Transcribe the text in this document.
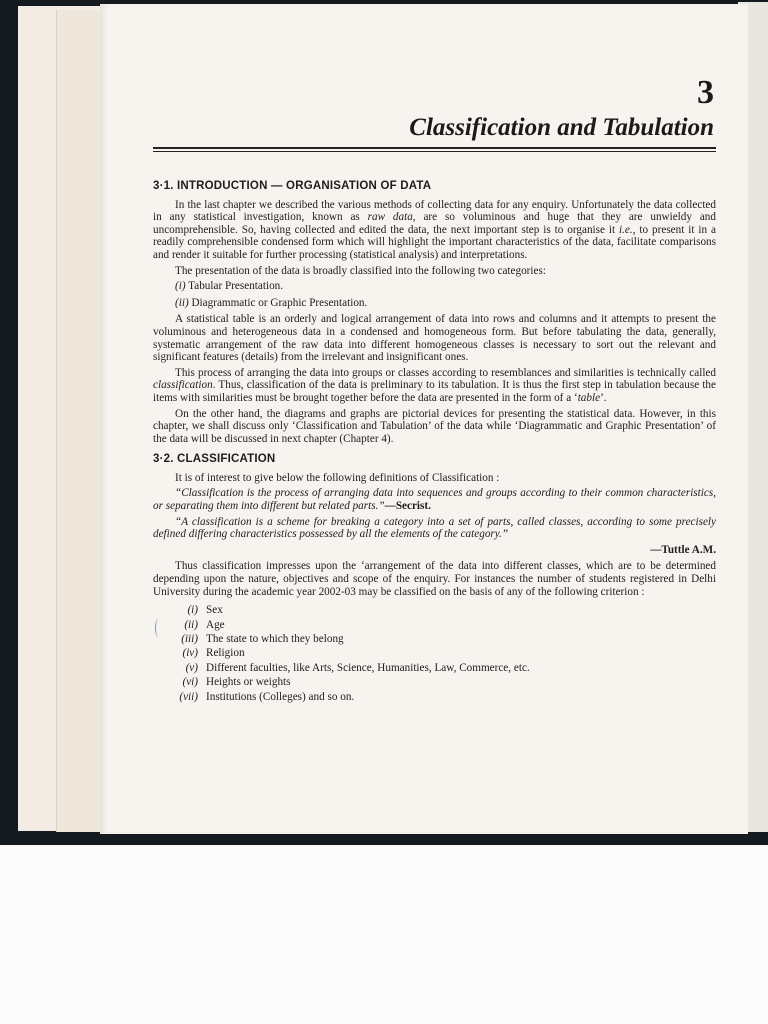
3
Classification and Tabulation
3·1. INTRODUCTION — ORGANISATION OF DATA

In the last chapter we described the various methods of collecting data for any enquiry. Unfortunately the data collected in any statistical investigation, known as raw data, are so voluminous and huge that they are unwieldy and uncomprehensible. So, having collected and edited the data, the next important step is to organise it i.e., to present it in a readily comprehensible condensed form which will highlight the important characteristics of the data, facilitate comparisons and render it suitable for further processing (statistical analysis) and interpretations.

The presentation of the data is broadly classified into the following two categories:

(i) Tabular Presentation.
(ii) Diagrammatic or Graphic Presentation.

A statistical table is an orderly and logical arrangement of data into rows and columns and it attempts to present the voluminous and heterogeneous data in a condensed and homogeneous form. But before tabulating the data, generally, systematic arrangement of the raw data into different homogeneous classes is necessary to sort out the relevant and significant features (details) from the irrelevant and insignificant ones.

This process of arranging the data into groups or classes according to resemblances and similarities is technically called classification. Thus, classification of the data is preliminary to its tabulation. It is thus the first step in tabulation because the items with similarities must be brought together before the data are presented in the form of a ‘table’.

On the other hand, the diagrams and graphs are pictorial devices for presenting the statistical data. However, in this chapter, we shall discuss only ‘Classification and Tabulation’ of the data while ‘Diagrammatic and Graphic Presentation’ of the data will be discussed in next chapter (Chapter 4).

3·2. CLASSIFICATION

It is of interest to give below the following definitions of Classification :

“Classification is the process of arranging data into sequences and groups according to their common characteristics, or separating them into different but related parts.”—Secrist.

“A classification is a scheme for breaking a category into a set of parts, called classes, according to some precisely defined differing characteristics possessed by all the elements of the category.”

—Tuttle A.M.

Thus classification impresses upon the ‘arrangement of the data into different classes, which are to be determined depending upon the nature, objectives and scope of the enquiry. For instances the number of students registered in Delhi University during the academic year 2002-03 may be classified on the basis of any of the following criterion :

(i) Sex
(ii) Age
(iii) The state to which they belong
(iv) Religion
(v) Different faculties, like Arts, Science, Humanities, Law, Commerce, etc.
(vi) Heights or weights
(vii) Institutions (Colleges) and so on.
